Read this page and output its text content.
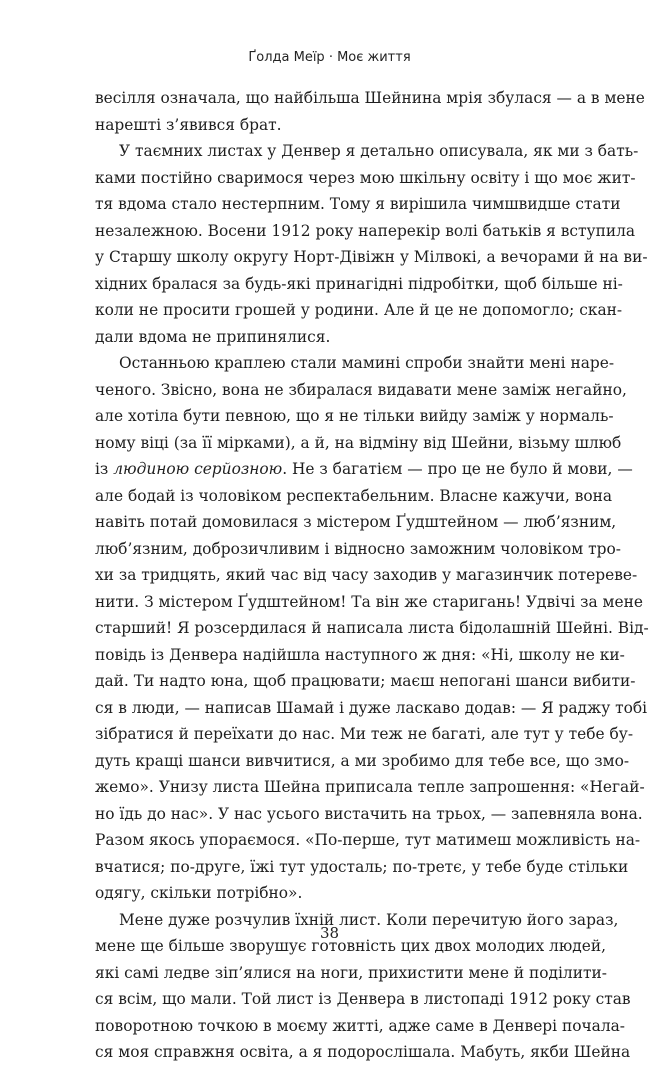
Ґолда Меїр · Моє життя
весілля означала, що найбільша Шейнина мрія збулася — а в мене
нарешті з’явився брат.
У таємних листах у Денвер я детально описувала, як ми з бать-
ками постійно сваримося через мою шкільну освіту і що моє жит-
тя вдома стало нестерпним. Тому я вирішила чимшвидше стати
незалежною. Восени 1912 року наперекір волі батьків я вступила
у Старшу школу округу Норт-Дівіжн у Мілвокі, а вечорами й на ви-
хідних бралася за будь-які принагідні підробітки, щоб більше ні-
коли не просити грошей у родини. Але й це не допомогло; скан-
дали вдома не припинялися.
Останньою краплею стали мамині спроби знайти мені наре-
ченого. Звісно, вона не збиралася видавати мене заміж негайно,
але хотіла бути певною, що я не тільки вийду заміж у нормаль-
ному віці (за її мірками), а й, на відміну від Шейни, візьму шлюб
із людиною серйозною. Не з багатієм — про це не було й мови, —
але бодай із чоловіком респектабельним. Власне кажучи, вона
навіть потай домовилася з містером Ґудштейном — люб’язним,
люб’язним, доброзичливим і відносно заможним чоловіком тро-
хи за тридцять, який час від часу заходив у магазинчик потереве-
нити. З містером Ґудштейном! Та він же старигань! Удвічі за мене
старший! Я розсердилася й написала листа бідолашній Шейні. Від-
повідь із Денвера надійшла наступного ж дня: «Ні, школу не ки-
дай. Ти надто юна, щоб працювати; маєш непогані шанси вибити-
ся в люди, — написав Шамай і дуже ласкаво додав: — Я раджу тобі
зібратися й переїхати до нас. Ми теж не багаті, але тут у тебе бу-
дуть кращі шанси вивчитися, а ми зробимо для тебе все, що змо-
жемо». Унизу листа Шейна приписала тепле запрошення: «Негай-
но їдь до нас». У нас усього вистачить на трьох, — запевняла вона.
Разом якось упораємося. «По-перше, тут матимеш можливість на-
вчатися; по-друге, їжі тут удосталь; по-третє, у тебе буде стільки
одягу, скільки потрібно».
Мене дуже розчулив їхній лист. Коли перечитую його зараз,
мене ще більше зворушує готовність цих двох молодих людей,
які самі ледве зіп’ялися на ноги, прихистити мене й поділити-
ся всім, що мали. Той лист із Денвера в листопаді 1912 року став
поворотною точкою в моєму житті, адже саме в Денвері почала-
ся моя справжня освіта, а я подорослішала. Мабуть, якби Шейна
38
